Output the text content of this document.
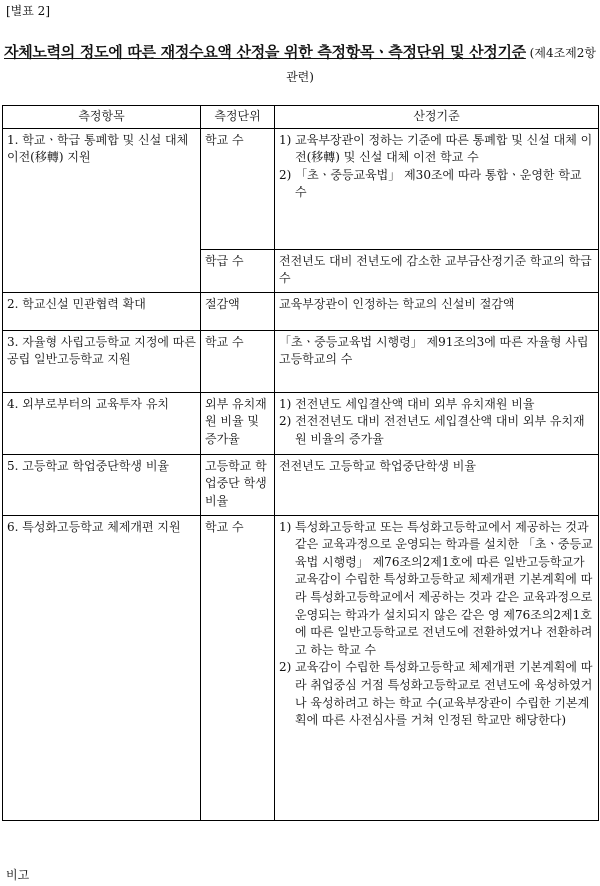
[별표 2]
자체노력의 정도에 따른 재정수요액 산정을 위한 측정항목ㆍ측정단위 및 산정기준 (제4조제2항 관련)
측정항목	측정단위	산정기준
1. 학교ㆍ학급 통폐합 및 신설 대체 이전(移轉) 지원	학교 수	1) 교육부장관이 정하는 기준에 따른 통폐합 및 신설 대체 이전(移轉) 및 신설 대체 이전 학교 수

2) 「초ㆍ중등교육법」 제30조에 따라 통합ㆍ운영한 학교 수

	학급 수	전전년도 대비 전년도에 감소한 교부금산정기준 학교의 학급 수
2. 학교신설 민관협력 확대	절감액	교육부장관이 인정하는 학교의 신설비 절감액
3. 자율형 사립고등학교 지정에 따른 공립 일반고등학교 지원	학교 수	「초ㆍ중등교육법 시행령」 제91조의3에 따른 자율형 사립고등학교의 수
4. 외부로부터의 교육투자 유치	외부 유치재원 비율 및 증가율	1) 전전년도 세입결산액 대비 외부 유치재원 비율

2) 전전전년도 대비 전전년도 세입결산액 대비 외부 유치재원 비율의 증가율

5. 고등학교 학업중단학생 비율	고등학교 학업중단 학생비율	전전년도 고등학교 학업중단학생 비율
6. 특성화고등학교 체제개편 지원	학교 수	1) 특성화고등학교 또는 특성화고등학교에서 제공하는 것과 같은 교육과정으로 운영되는 학과를 설치한 「초ㆍ중등교육법 시행령」 제76조의2제1호에 따른 일반고등학교가 교육감이 수립한 특성화고등학교 체제개편 기본계획에 따라 특성화고등학교에서 제공하는 것과 같은 교육과정으로 운영되는 학과가 설치되지 않은 같은 영 제76조의2제1호에 따른 일반고등학교로 전년도에 전환하였거나 전환하려고 하는 학교 수

2) 교육감이 수립한 특성화고등학교 체제개편 기본계획에 따라 취업중심 거점 특성화고등학교로 전년도에 육성하였거나 육성하려고 하는 학교 수(교육부장관이 수립한 기본계획에 따른 사전심사를 거쳐 인정된 학교만 해당한다)

비고
